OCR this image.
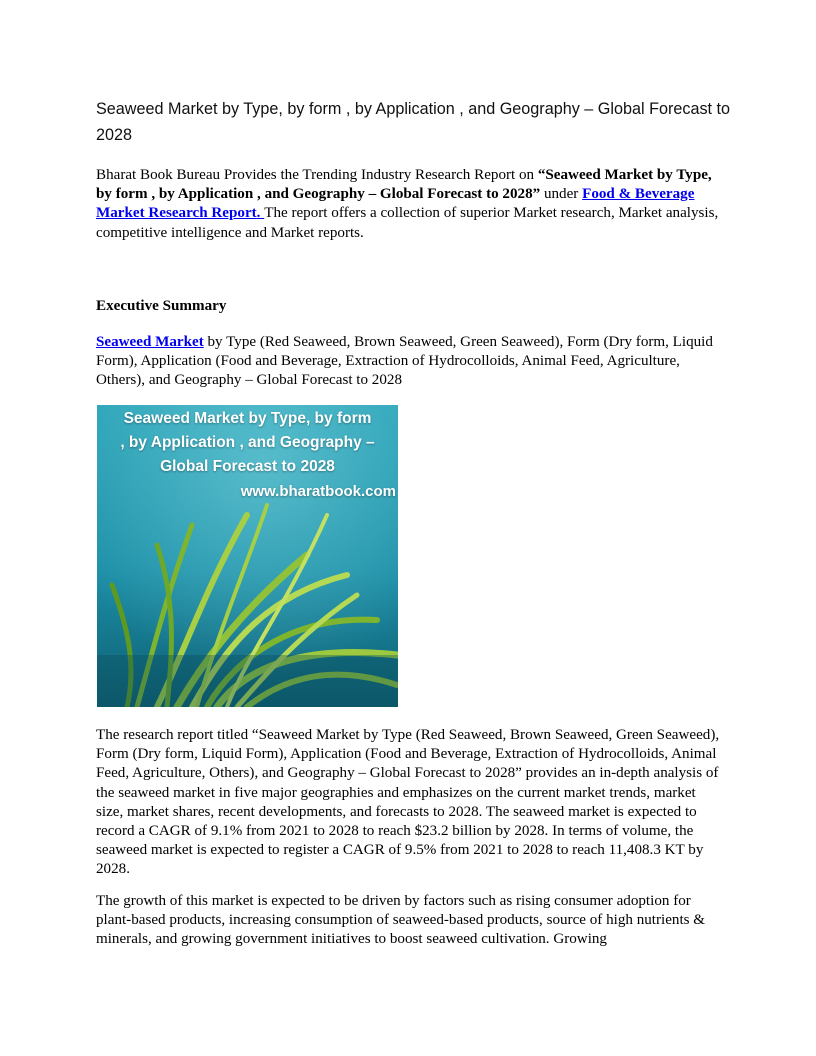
Seaweed Market by Type, by form , by Application , and Geography – Global Forecast to 2028

Bharat Book Bureau Provides the Trending Industry Research Report on “Seaweed Market by Type, by form , by Application , and Geography – Global Forecast to 2028” under Food & Beverage Market Research Report. The report offers a collection of superior Market research, Market analysis, competitive intelligence and Market reports.

Executive Summary

Seaweed Market by Type (Red Seaweed, Brown Seaweed, Green Seaweed), Form (Dry form, Liquid Form), Application (Food and Beverage, Extraction of Hydrocolloids, Animal Feed, Agriculture, Others), and Geography – Global Forecast to 2028

Seaweed Market by Type, by form
, by Application , and Geography –
Global Forecast to 2028
www.bharatbook.com

The research report titled “Seaweed Market by Type (Red Seaweed, Brown Seaweed, Green Seaweed), Form (Dry form, Liquid Form), Application (Food and Beverage, Extraction of Hydrocolloids, Animal Feed, Agriculture, Others), and Geography – Global Forecast to 2028” provides an in-depth analysis of the seaweed market in five major geographies and emphasizes on the current market trends, market size, market shares, recent developments, and forecasts to 2028. The seaweed market is expected to record a CAGR of 9.1% from 2021 to 2028 to reach $23.2 billion by 2028. In terms of volume, the seaweed market is expected to register a CAGR of 9.5% from 2021 to 2028 to reach 11,408.3 KT by 2028.

The growth of this market is expected to be driven by factors such as rising consumer adoption for plant-based products, increasing consumption of seaweed-based products, source of high nutrients & minerals, and growing government initiatives to boost seaweed cultivation. Growing
